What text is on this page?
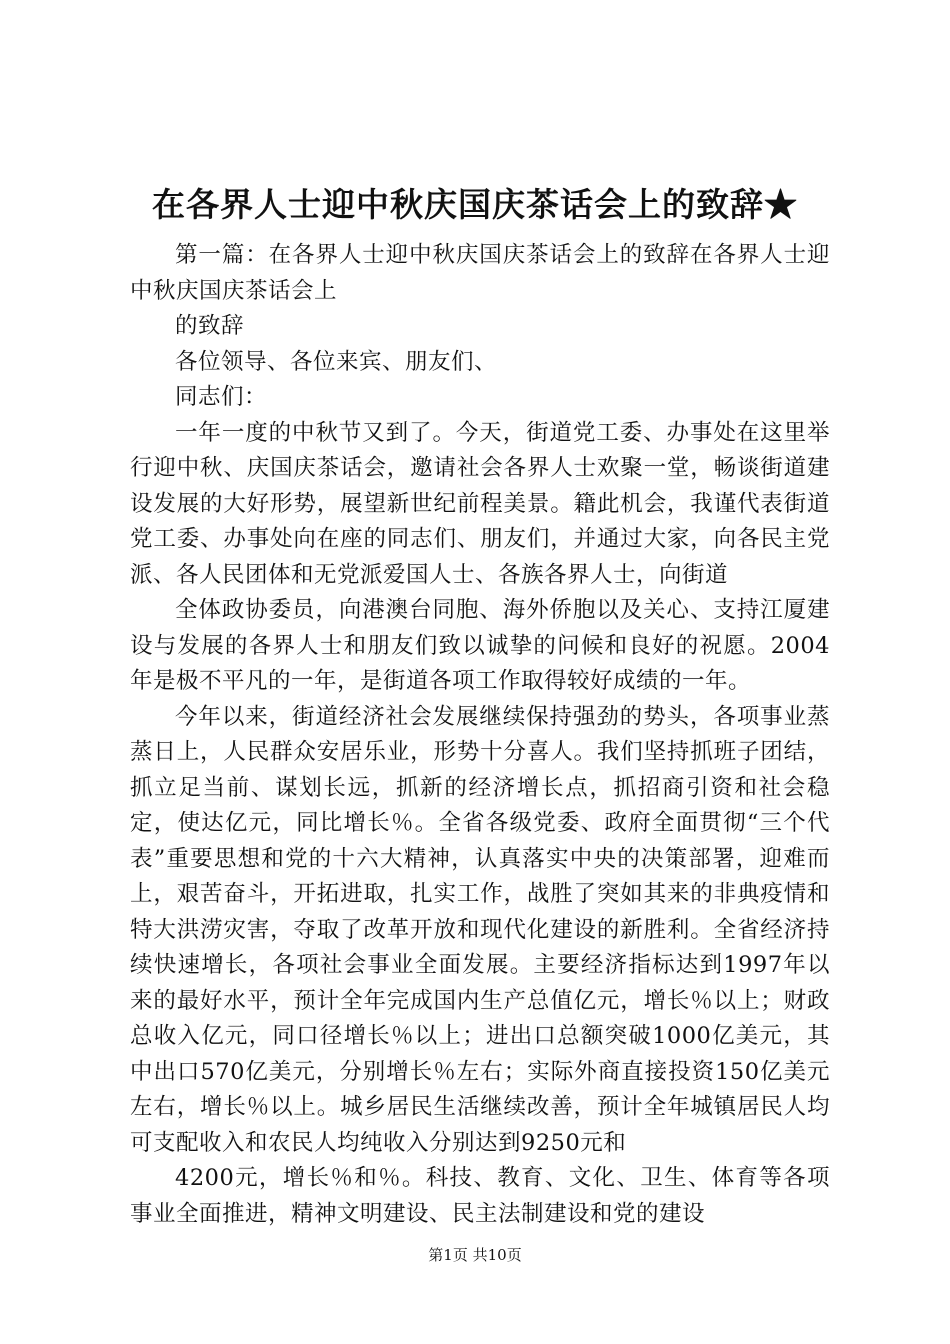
在各界人士迎中秋庆国庆茶话会上的致辞★

第一篇：在各界人士迎中秋庆国庆茶话会上的致辞在各界人士迎中秋庆国庆茶话会上

的致辞

各位领导、各位来宾、朋友们、

同志们：

一年一度的中秋节又到了。今天，街道党工委、办事处在这里举行迎中秋、庆国庆茶话会，邀请社会各界人士欢聚一堂，畅谈街道建设发展的大好形势，展望新世纪前程美景。籍此机会，我谨代表街道党工委、办事处向在座的同志们、朋友们，并通过大家，向各民主党派、各人民团体和无党派爱国人士、各族各界人士，向街道

全体政协委员，向港澳台同胞、海外侨胞以及关心、支持江厦建设与发展的各界人士和朋友们致以诚挚的问候和良好的祝愿。2004年是极不平凡的一年，是街道各项工作取得较好成绩的一年。

今年以来，街道经济社会发展继续保持强劲的势头，各项事业蒸蒸日上，人民群众安居乐业，形势十分喜人。我们坚持抓班子团结，抓立足当前、谋划长远，抓新的经济增长点，抓招商引资和社会稳定，使达亿元，同比增长％。全省各级党委、政府全面贯彻“三个代表”重要思想和党的十六大精神，认真落实中央的决策部署，迎难而上，艰苦奋斗，开拓进取，扎实工作，战胜了突如其来的非典疫情和特大洪涝灾害，夺取了改革开放和现代化建设的新胜利。全省经济持续快速增长，各项社会事业全面发展。主要经济指标达到1997年以来的最好水平，预计全年完成国内生产总值亿元，增长％以上；财政总收入亿元，同口径增长％以上；进出口总额突破1000亿美元，其中出口570亿美元，分别增长％左右；实际外商直接投资150亿美元左右，增长％以上。城乡居民生活继续改善，预计全年城镇居民人均可支配收入和农民人均纯收入分别达到9250元和

4200元，增长％和％。科技、教育、文化、卫生、体育等各项事业全面推进，精神文明建设、民主法制建设和党的建设

第1页 共10页
